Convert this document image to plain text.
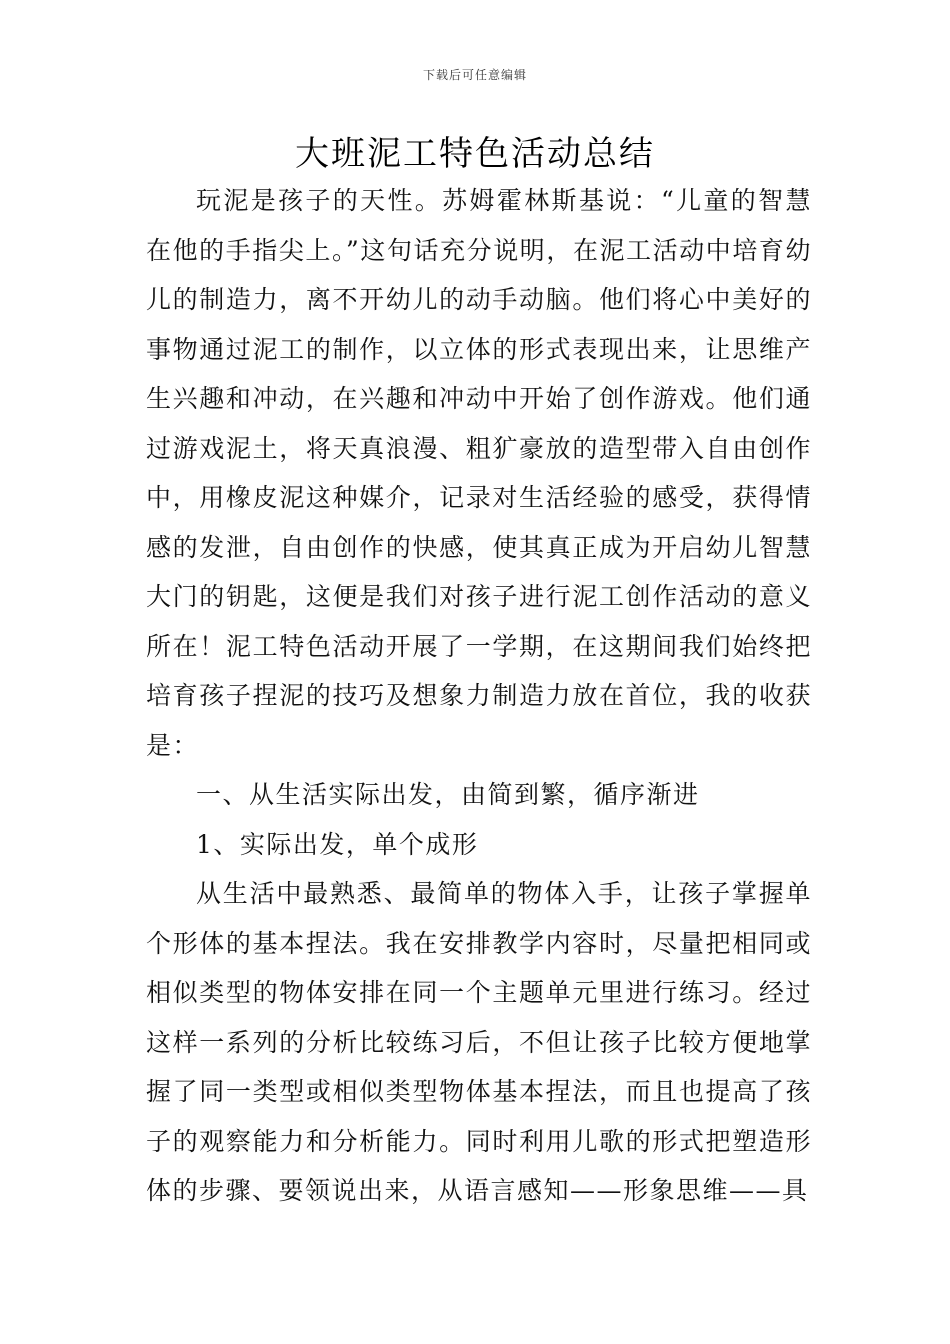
下载后可任意编辑
大班泥工特色活动总结

玩泥是孩子的天性。苏姆霍林斯基说：“儿童的智慧在他的手指尖上。”这句话充分说明，在泥工活动中培育幼儿的制造力，离不开幼儿的动手动脑。他们将心中美好的事物通过泥工的制作，以立体的形式表现出来，让思维产生兴趣和冲动，在兴趣和冲动中开始了创作游戏。他们通过游戏泥土，将天真浪漫、粗犷豪放的造型带入自由创作中，用橡皮泥这种媒介，记录对生活经验的感受，获得情感的发泄，自由创作的快感，使其真正成为开启幼儿智慧大门的钥匙，这便是我们对孩子进行泥工创作活动的意义所在！泥工特色活动开展了一学期，在这期间我们始终把培育孩子捏泥的技巧及想象力制造力放在首位，我的收获是：

一、从生活实际出发，由简到繁，循序渐进

1、实际出发，单个成形

从生活中最熟悉、最简单的物体入手，让孩子掌握单个形体的基本捏法。我在安排教学内容时，尽量把相同或相似类型的物体安排在同一个主题单元里进行练习。经过这样一系列的分析比较练习后，不但让孩子比较方便地掌握了同一类型或相似类型物体基本捏法，而且也提高了孩子的观察能力和分析能力。同时利用儿歌的形式把塑造形体的步骤、要领说出来，从语言感知——形象思维——具
